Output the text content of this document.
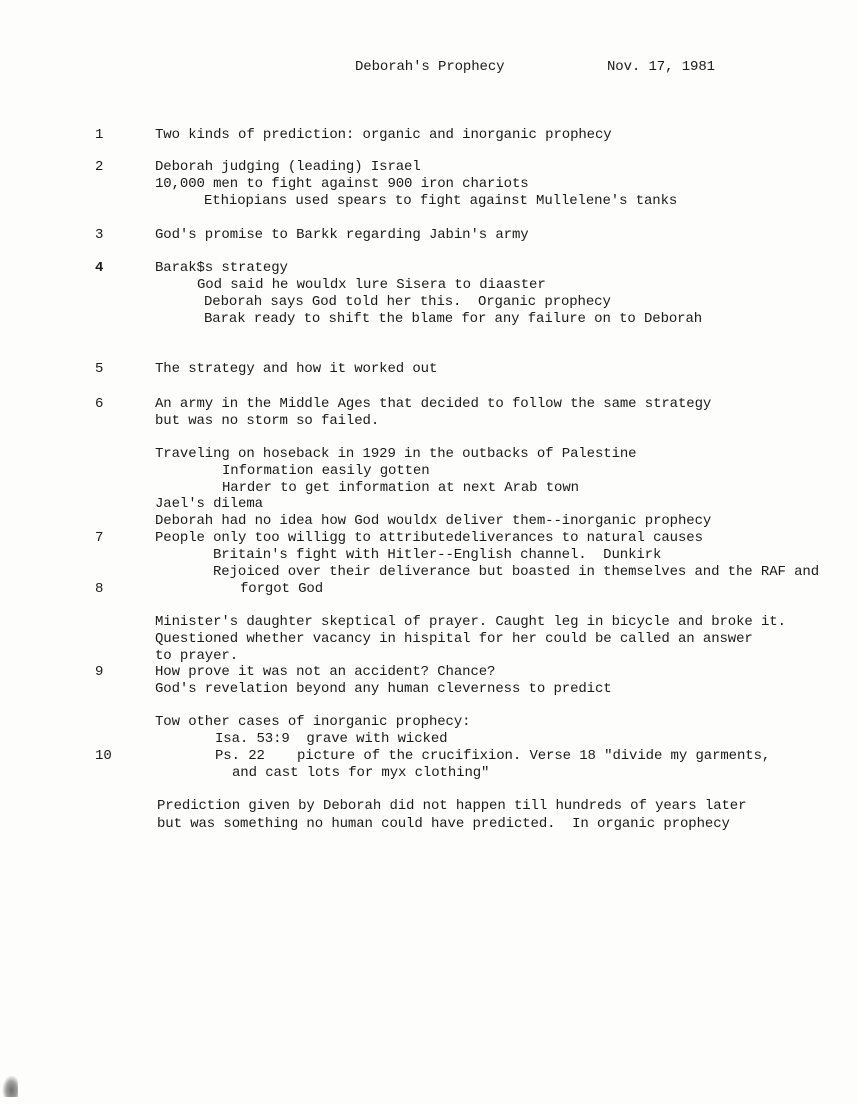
Deborah's Prophecy	Nov. 17, 1981
1
2
3
4
5
6
7
8
9
10
Two kinds of prediction: organic and inorganic prophecy
Deborah judging (leading) Israel
10,000 men to fight against 900 iron chariots
Ethiopians used spears to fight against Mullelene's tanks
God's promise to Barkk regarding Jabin's army
Barak$s strategy
God said he wouldx lure Sisera to diaaster
Deborah says God told her this.  Organic prophecy
Barak ready to shift the blame for any failure on to Deborah
The strategy and how it worked out
An army in the Middle Ages that decided to follow the same strategy
but was no storm so failed.
Traveling on hoseback in 1929 in the outbacks of Palestine
Information easily gotten
Harder to get information at next Arab town
Jael's dilema
Deborah had no idea how God wouldx deliver them--inorganic prophecy
People only too willigg to attributedeliverances to natural causes
Britain's fight with Hitler--English channel.  Dunkirk
Rejoiced over their deliverance but boasted in themselves and the RAF and
forgot God
Minister's daughter skeptical of prayer. Caught leg in bicycle and broke it.
Questioned whether vacancy in hispital for her could be called an answer
to prayer.
How prove it was not an accident? Chance?
God's revelation beyond any human cleverness to predict
Tow other cases of inorganic prophecy:
Isa. 53:9  grave with wicked
Ps. 22 picture of the crucifixion. Verse 18 "divide my garments,
and cast lots for myx clothing"
Prediction given by Deborah did not happen till hundreds of years later
but was something no human could have predicted.  In organic prophecy
